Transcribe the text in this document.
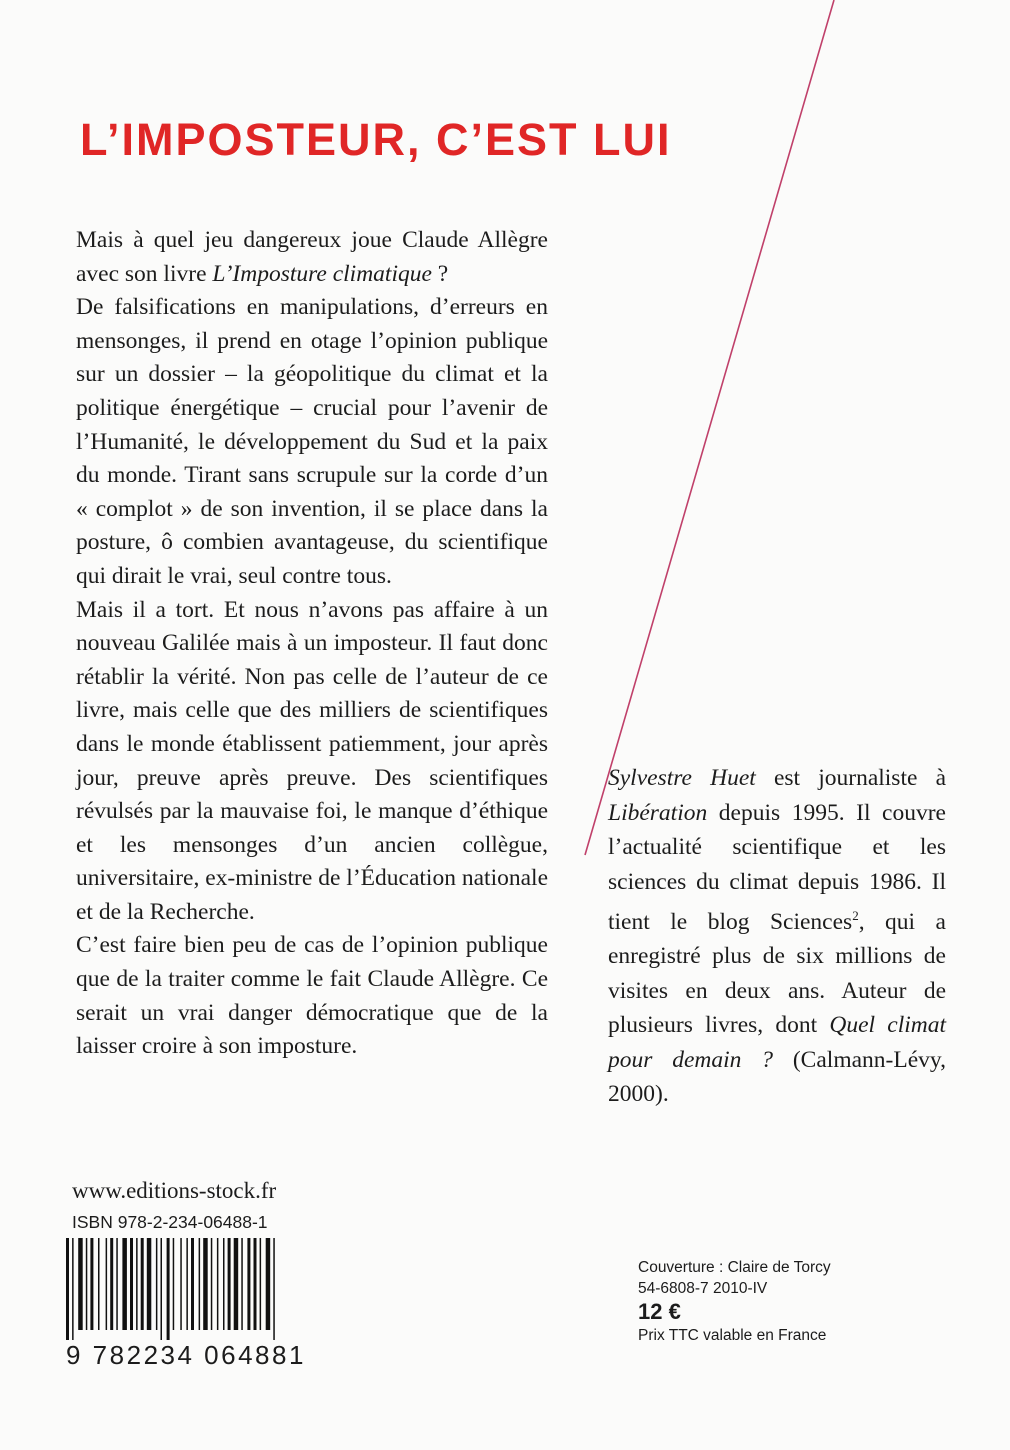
L’IMPOSTEUR, C’EST LUI

Mais à quel jeu dangereux joue Claude Allègre avec son livre L’Imposture climatique ?

De falsifications en manipulations, d’erreurs en mensonges, il prend en otage l’opinion publique sur un dossier – la géopolitique du climat et la politique énergétique – crucial pour l’avenir de l’Humanité, le développement du Sud et la paix du monde. Tirant sans scrupule sur la corde d’un « complot » de son invention, il se place dans la posture, ô combien avantageuse, du scientifique qui dirait le vrai, seul contre tous.

Mais il a tort. Et nous n’avons pas affaire à un nouveau Galilée mais à un imposteur. Il faut donc rétablir la vérité. Non pas celle de l’auteur de ce livre, mais celle que des milliers de scientifiques dans le monde établissent patiemment, jour après jour, preuve après preuve. Des scientifiques révulsés par la mauvaise foi, le manque d’éthique et les mensonges d’un ancien collègue, universitaire, ex-ministre de l’Éducation nationale et de la Recherche.

C’est faire bien peu de cas de l’opinion publique que de la traiter comme le fait Claude Allègre. Ce serait un vrai danger démocratique que de la laisser croire à son imposture.

Sylvestre Huet est journaliste à Libération depuis 1995. Il couvre l’actualité scientifique et les sciences du climat depuis 1986. Il tient le blog Sciences$^2$, qui a enregistré plus de six millions de visites en deux ans. Auteur de plusieurs livres, dont Quel climat pour demain ? (Calmann-Lévy, 2000).

www.editions-stock.fr
ISBN 978-2-234-06488-1
9 782234 064881
Couverture : Claire de Torcy
54-6808-7 2010-IV
12 €
Prix TTC valable en France
